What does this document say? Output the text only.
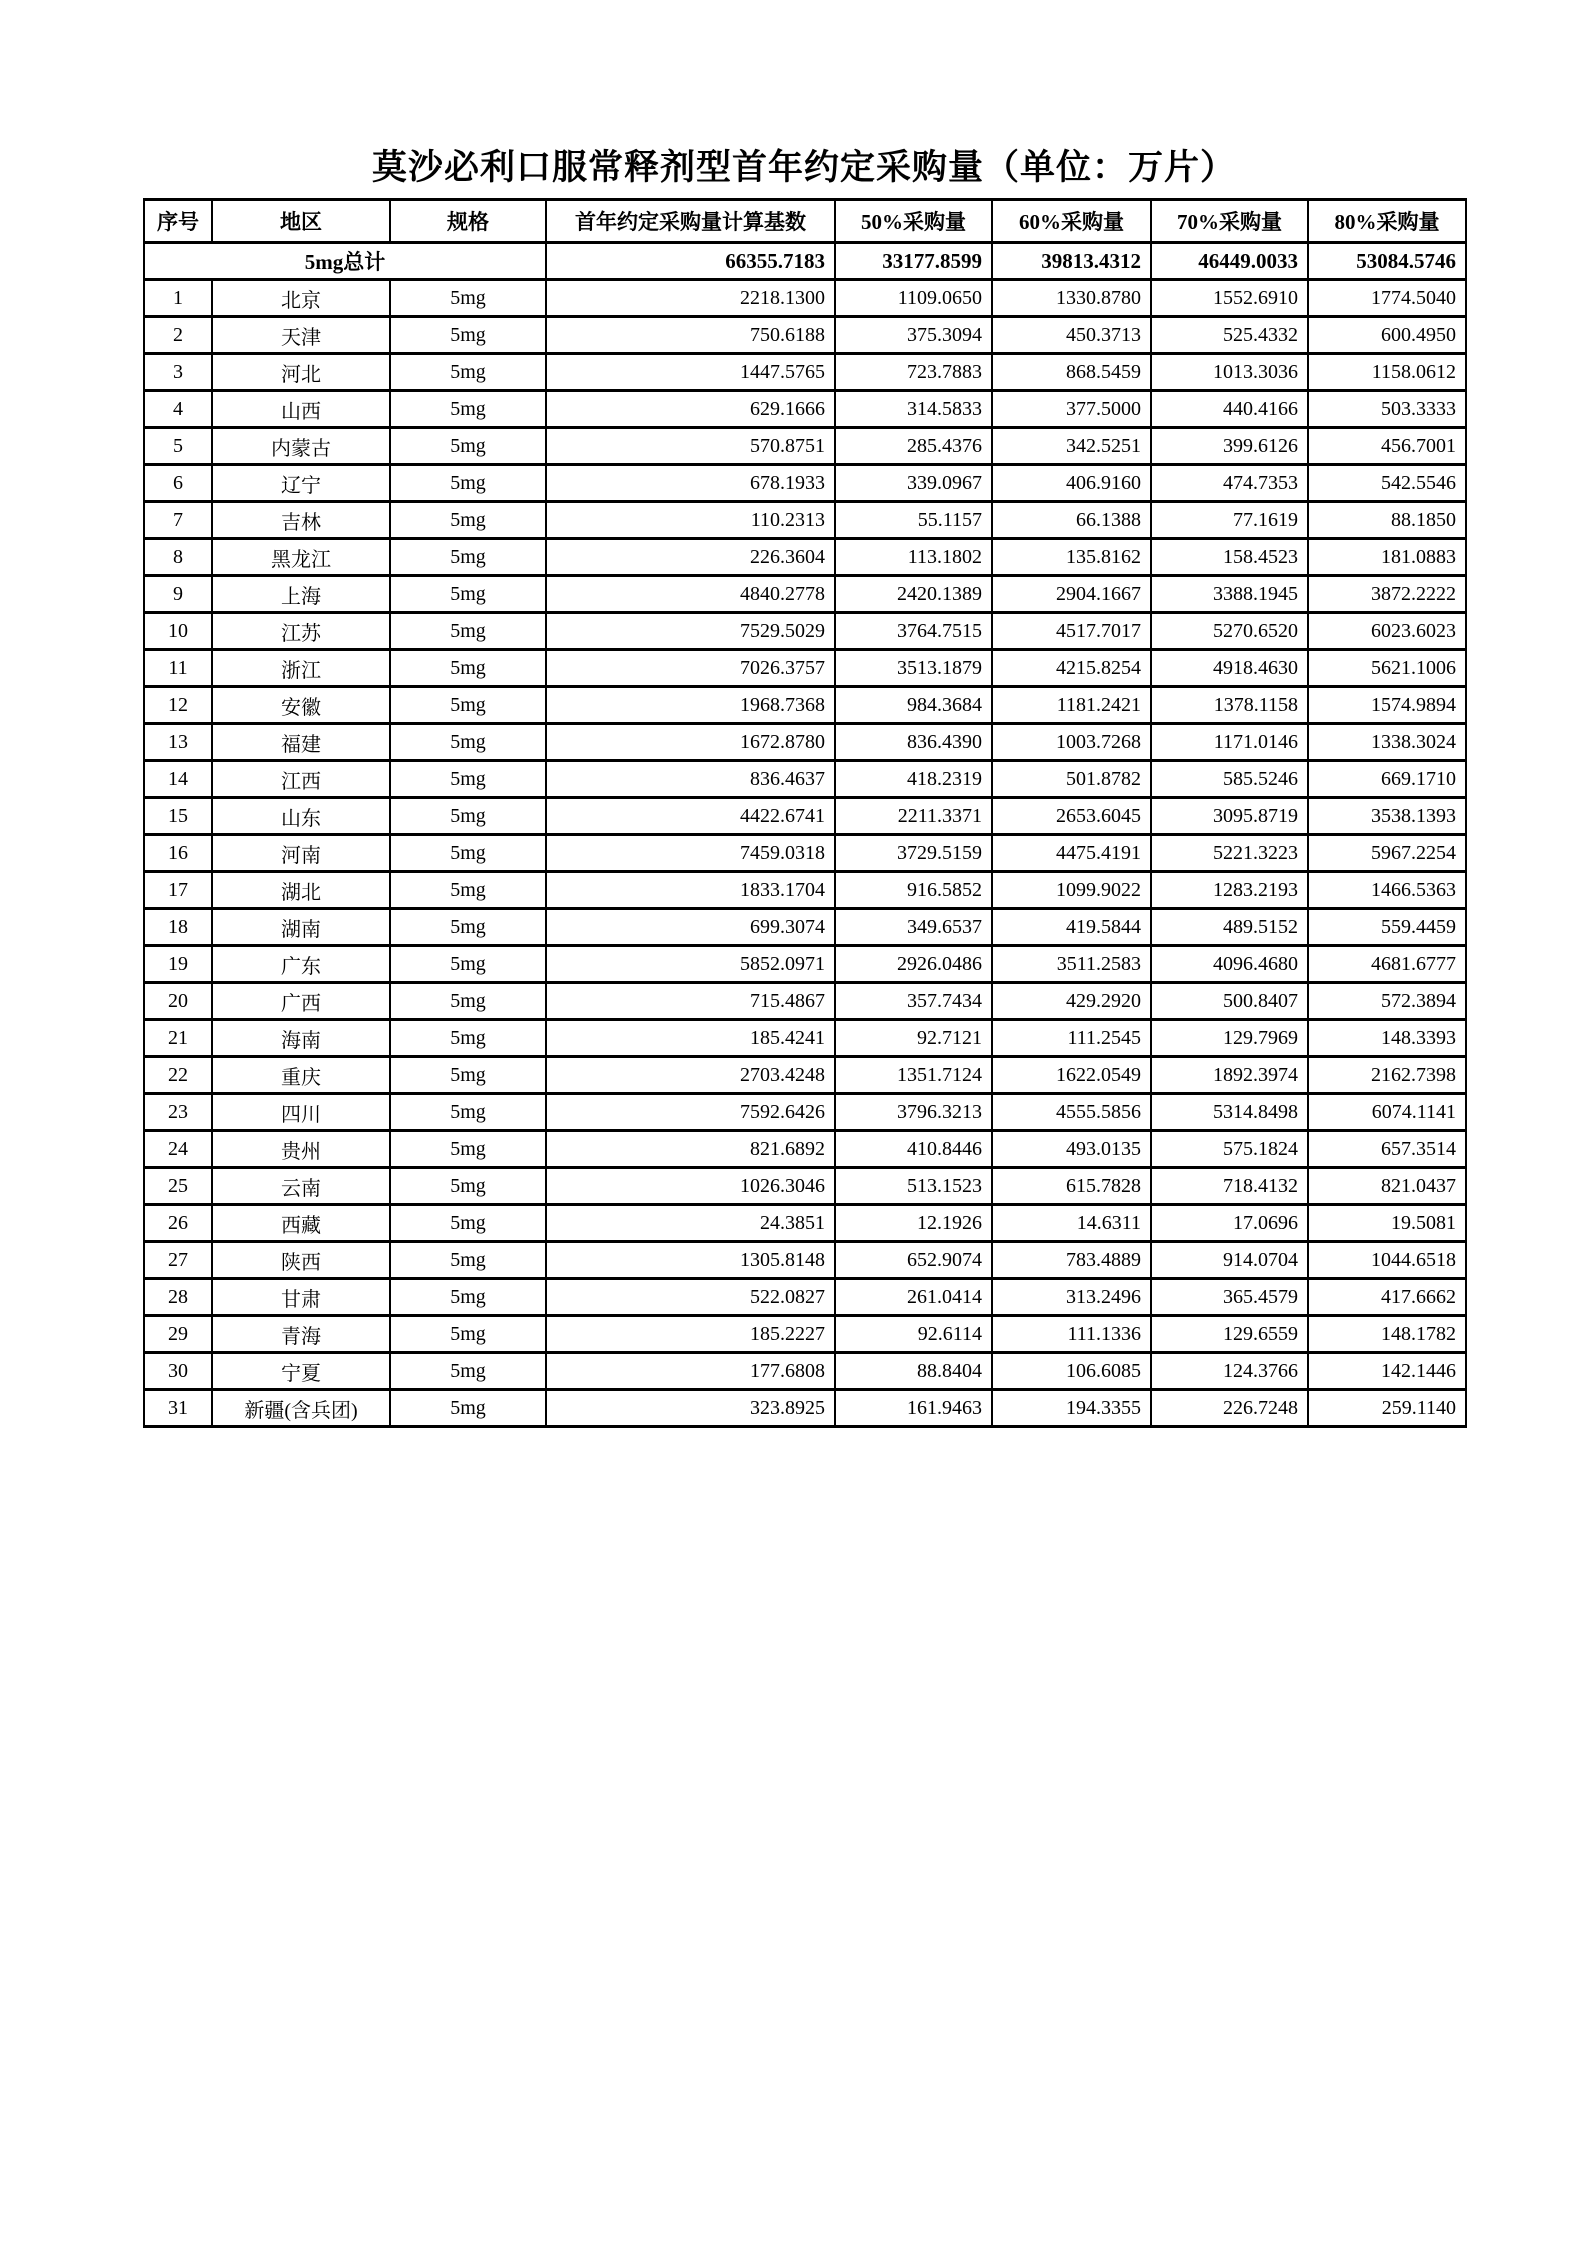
莫沙必利口服常释剂型首年约定采购量（单位：万片）
序号	地区	规格	首年约定采购量计算基数	50%采购量	60%采购量	70%采购量	80%采购量
5mg总计			66355.7183	33177.8599	39813.4312	46449.0033	53084.5746
1	北京	5mg	2218.1300	1109.0650	1330.8780	1552.6910	1774.5040
2	天津	5mg	750.6188	375.3094	450.3713	525.4332	600.4950
3	河北	5mg	1447.5765	723.7883	868.5459	1013.3036	1158.0612
4	山西	5mg	629.1666	314.5833	377.5000	440.4166	503.3333
5	内蒙古	5mg	570.8751	285.4376	342.5251	399.6126	456.7001
6	辽宁	5mg	678.1933	339.0967	406.9160	474.7353	542.5546
7	吉林	5mg	110.2313	55.1157	66.1388	77.1619	88.1850
8	黑龙江	5mg	226.3604	113.1802	135.8162	158.4523	181.0883
9	上海	5mg	4840.2778	2420.1389	2904.1667	3388.1945	3872.2222
10	江苏	5mg	7529.5029	3764.7515	4517.7017	5270.6520	6023.6023
11	浙江	5mg	7026.3757	3513.1879	4215.8254	4918.4630	5621.1006
12	安徽	5mg	1968.7368	984.3684	1181.2421	1378.1158	1574.9894
13	福建	5mg	1672.8780	836.4390	1003.7268	1171.0146	1338.3024
14	江西	5mg	836.4637	418.2319	501.8782	585.5246	669.1710
15	山东	5mg	4422.6741	2211.3371	2653.6045	3095.8719	3538.1393
16	河南	5mg	7459.0318	3729.5159	4475.4191	5221.3223	5967.2254
17	湖北	5mg	1833.1704	916.5852	1099.9022	1283.2193	1466.5363
18	湖南	5mg	699.3074	349.6537	419.5844	489.5152	559.4459
19	广东	5mg	5852.0971	2926.0486	3511.2583	4096.4680	4681.6777
20	广西	5mg	715.4867	357.7434	429.2920	500.8407	572.3894
21	海南	5mg	185.4241	92.7121	111.2545	129.7969	148.3393
22	重庆	5mg	2703.4248	1351.7124	1622.0549	1892.3974	2162.7398
23	四川	5mg	7592.6426	3796.3213	4555.5856	5314.8498	6074.1141
24	贵州	5mg	821.6892	410.8446	493.0135	575.1824	657.3514
25	云南	5mg	1026.3046	513.1523	615.7828	718.4132	821.0437
26	西藏	5mg	24.3851	12.1926	14.6311	17.0696	19.5081
27	陕西	5mg	1305.8148	652.9074	783.4889	914.0704	1044.6518
28	甘肃	5mg	522.0827	261.0414	313.2496	365.4579	417.6662
29	青海	5mg	185.2227	92.6114	111.1336	129.6559	148.1782
30	宁夏	5mg	177.6808	88.8404	106.6085	124.3766	142.1446
31	新疆(含兵团)	5mg	323.8925	161.9463	194.3355	226.7248	259.1140
